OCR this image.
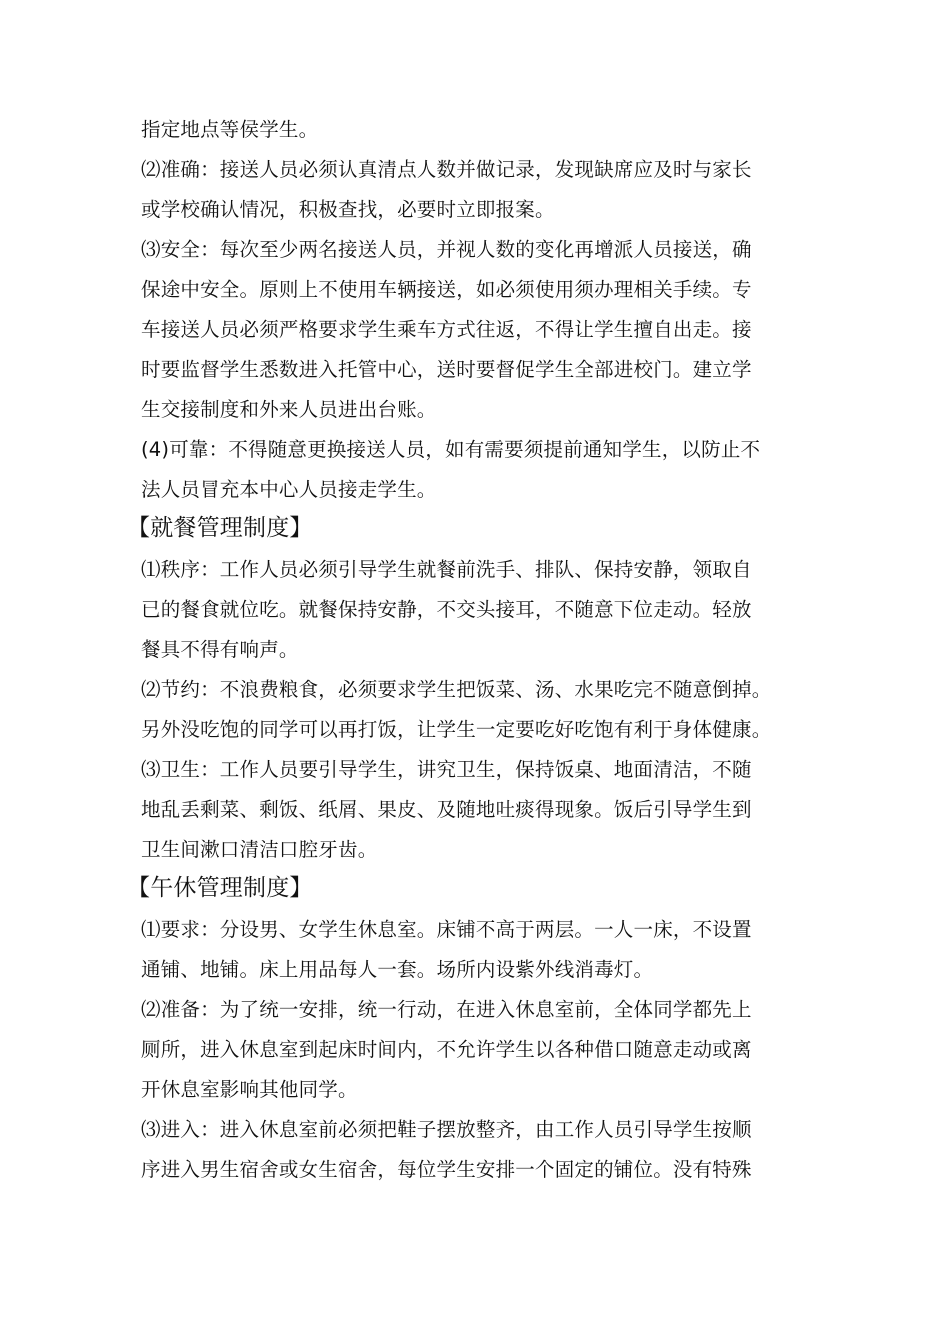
指定地点等侯学生。
⑵准确：接送人员必须认真清点人数并做记录，发现缺席应及时与家长
或学校确认情况，积极查找，必要时立即报案。
⑶安全：每次至少两名接送人员，并视人数的变化再增派人员接送，确
保途中安全。原则上不使用车辆接送，如必须使用须办理相关手续。专
车接送人员必须严格要求学生乘车方式往返，不得让学生擅自出走。接
时要监督学生悉数进入托管中心，送时要督促学生全部进校门。建立学
生交接制度和外来人员进出台账。
(4)可靠：不得随意更换接送人员，如有需要须提前通知学生，以防止不
法人员冒充本中心人员接走学生。
【就餐管理制度】
⑴秩序：工作人员必须引导学生就餐前洗手、排队、保持安静，领取自
已的餐食就位吃。就餐保持安静，不交头接耳，不随意下位走动。轻放
餐具不得有响声。
⑵节约：不浪费粮食，必须要求学生把饭菜、汤、水果吃完不随意倒掉。
另外没吃饱的同学可以再打饭，让学生一定要吃好吃饱有利于身体健康。
⑶卫生：工作人员要引导学生，讲究卫生，保持饭桌、地面清洁，不随
地乱丢剩菜、剩饭、纸屑、果皮、及随地吐痰得现象。饭后引导学生到
卫生间漱口清洁口腔牙齿。
【午休管理制度】
⑴要求：分设男、女学生休息室。床铺不高于两层。一人一床，不设置
通铺、地铺。床上用品每人一套。场所内设紫外线消毒灯。
⑵准备：为了统一安排，统一行动，在进入休息室前，全体同学都先上
厕所，进入休息室到起床时间内，不允许学生以各种借口随意走动或离
开休息室影响其他同学。
⑶进入：进入休息室前必须把鞋子摆放整齐，由工作人员引导学生按顺
序进入男生宿舍或女生宿舍，每位学生安排一个固定的铺位。没有特殊
